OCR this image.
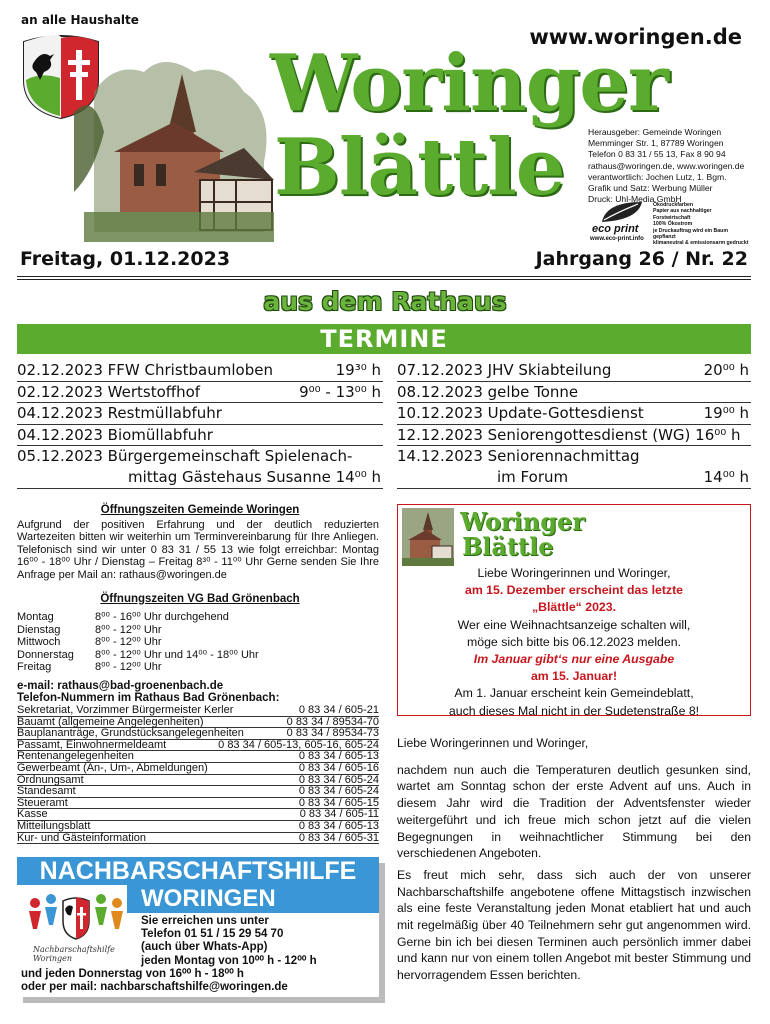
an alle Haushalte
www.woringen.de
Woringer
Blättle	Herausgeber: Gemeinde Woringen
Memminger Str. 1, 87789 Woringen
Telefon 0 83 31 / 55 13, Fax 8 90 94
rathaus@woringen.de, www.woringen.de
verantwortlich: Jochen Lutz, 1. Bgm.
Grafik und Satz: Werbung Müller
Druck: Uhl-Media GmbH
Ökodruckfarben
Papier aus nachhaltiger Forstwirtschaft
100% Ökostrom
je Druckauftrag wird ein Baum gepflanzt
klimaneutral & emissionsarm gedruckt
eco print
www.eco-print.info
Freitag, 01.12.2023	Jahrgang 26 / Nr. 22
aus dem Rathaus
TERMINE
02.12.2023 FFW Christbaumloben	19³⁰ h
02.12.2023 Wertstoffhof	9⁰⁰ - 13⁰⁰ h
04.12.2023 Restmüllabfuhr
04.12.2023 Biomüllabfuhr
05.12.2023 Bürgergemeinschaft Spielenach-
mittag Gästehaus Susanne 14⁰⁰ h
07.12.2023 JHV Skiabteilung	20⁰⁰ h
08.12.2023 gelbe Tonne
10.12.2023 Update-Gottesdienst	19⁰⁰ h
12.12.2023 Seniorengottesdienst (WG) 16⁰⁰ h
14.12.2023 Seniorennachmittag
im Forum	14⁰⁰ h
Öffnungszeiten Gemeinde Woringen
Aufgrund der positiven Erfahrung und der deutlich reduzierten Wartezeiten bitten wir weiterhin um Terminvereinbarung für Ihre Anliegen. Telefonisch sind wir unter 0 83 31 / 55 13 wie folgt erreichbar: Montag 16⁰⁰ - 18⁰⁰ Uhr / Dienstag – Freitag 8³⁰ - 11⁰⁰ Uhr Gerne senden Sie Ihre Anfrage per Mail an: rathaus@woringen.de
Öffnungszeiten VG Bad Grönenbach
Montag	8⁰⁰ - 16⁰⁰ Uhr durchgehend
Dienstag	8⁰⁰ - 12⁰⁰ Uhr
Mittwoch	8⁰⁰ - 12⁰⁰ Uhr
Donnerstag 8⁰⁰ - 12⁰⁰ Uhr und 14⁰⁰ - 18⁰⁰ Uhr
Freitag	8⁰⁰ - 12⁰⁰ Uhr
e-mail: rathaus@bad-groenenbach.de
Telefon-Nummern im Rathaus Bad Grönenbach:
Sekretariat, Vorzimmer Bürgermeister Kerler	0 83 34 / 605-21
Bauamt (allgemeine Angelegenheiten)	0 83 34 / 89534-70
Bauplananträge, Grundstücksangelegenheiten	0 83 34 / 89534-73
Passamt, Einwohnermeldeamt	0 83 34 / 605-13, 605-16, 605-24
Rentenangelegenheiten	0 83 34 / 605-13
Gewerbeamt (An-, Um-, Abmeldungen)	0 83 34 / 605-16
Ordnungsamt	0 83 34 / 605-24
Standesamt	0 83 34 / 605-24
Steueramt	0 83 34 / 605-15
Kasse	0 83 34 / 605-11
Mitteilungsblatt	0 83 34 / 605-13
Kur- und Gästeinformation	0 83 34 / 605-31
NACHBARSCHAFTSHILFE
WORINGEN
Nachbarschaftshilfe Woringen
Sie erreichen uns unter
Telefon 01 51 / 15 29 54 70
(auch über Whats-App)
jeden Montag von 10⁰⁰ h - 12⁰⁰ h
und jeden Donnerstag von 16⁰⁰ h - 18⁰⁰ h
oder per mail: nachbarschaftshilfe@woringen.de
Woringer
Blättle
Liebe Woringerinnen und Woringer,
am 15. Dezember erscheint das letzte
„Blättle“ 2023.
Wer eine Weihnachtsanzeige schalten will,
möge sich bitte bis 06.12.2023 melden.
Im Januar gibt‘s nur eine Ausgabe
am 15. Januar!
Am 1. Januar erscheint kein Gemeindeblatt,
auch dieses Mal nicht in der Sudetenstraße 8!

Liebe Woringerinnen und Woringer,

nachdem nun auch die Temperaturen deutlich gesunken sind, wartet am Sonntag schon der erste Advent auf uns. Auch in diesem Jahr wird die Tradition der Adventsfenster wieder weitergeführt und ich freue mich schon jetzt auf die vielen Begegnungen in weihnachtlicher Stimmung bei den verschiedenen Angeboten.

Es freut mich sehr, dass sich auch der von unserer Nachbarschaftshilfe angebotene offene Mittagstisch inzwischen als eine feste Veranstaltung jeden Monat etabliert hat und auch mit regelmäßig über 40 Teilnehmern sehr gut angenommen wird. Gerne bin ich bei diesen Terminen auch persönlich immer dabei und kann nur von einem tollen Angebot mit bester Stimmung und hervorragendem Essen berichten.
